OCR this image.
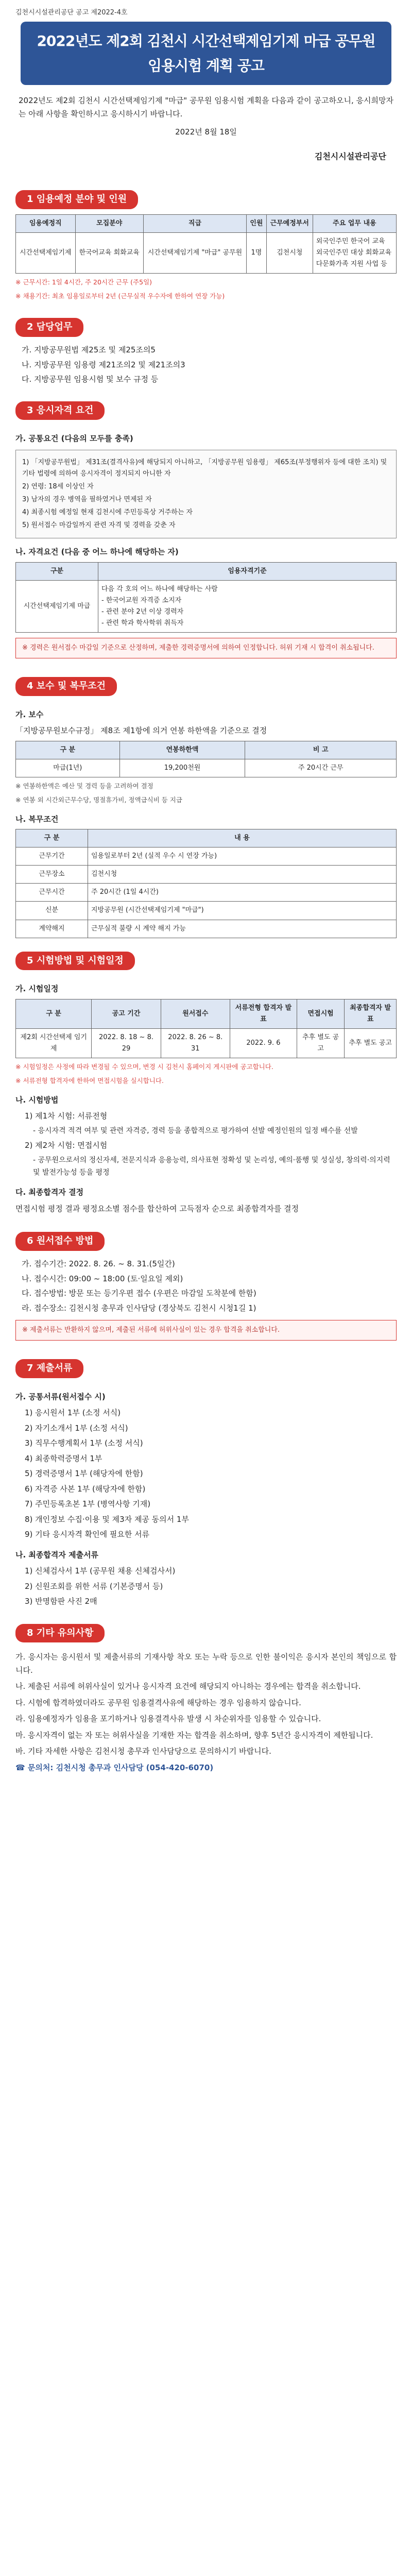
김천시시설관리공단 공고 제2022-4호
2022년도 제2회 김천시 시간선택제임기제 마급 공무원
임용시험 계획 공고

2022년도 제2회 김천시 시간선택제임기제 "마급" 공무원 임용시험 계획을 다음과 같이 공고하오니, 응시희망자는 아래 사항을 확인하시고 응시하시기 바랍니다.

2022년 8월 18일
김천시시설관리공단
1 임용예정 분야 및 인원
임용예정직	모집분야	직급	인원	근무예정부서	주요 업무 내용
시간선택제임기제	한국어교육 회화교육	시간선택제임기제 "마급" 공무원	1명	김천시청	외국인주민 한국어 교육
외국인주민 대상 회화교육
다문화가족 지원 사업 등
※ 근무시간: 1일 4시간, 주 20시간 근무 (주5일)
※ 채용기간: 최초 임용일로부터 2년 (근무실적 우수자에 한하여 연장 가능)
2 담당업무
가. 지방공무원법 제25조 및 제25조의5
나. 지방공무원 임용령 제21조의2 및 제21조의3
다. 지방공무원 임용시험 및 보수 규정 등
3 응시자격 요건
가. 공통요건 (다음의 모두를 충족)

1) 「지방공무원법」 제31조(결격사유)에 해당되지 아니하고, 「지방공무원 임용령」 제65조(부정행위자 등에 대한 조치) 및 기타 법령에 의하여 응시자격이 정지되지 아니한 자

2) 연령: 18세 이상인 자

3) 남자의 경우 병역을 필하였거나 면제된 자

4) 최종시험 예정일 현재 김천시에 주민등록상 거주하는 자

5) 원서접수 마감일까지 관련 자격 및 경력을 갖춘 자

나. 자격요건 (다음 중 어느 하나에 해당하는 자)
구분	임용자격기준
시간선택제임기제 마급	다음 각 호의 어느 하나에 해당하는 사람
- 한국어교원 자격증 소지자
- 관련 분야 2년 이상 경력자
- 관련 학과 학사학위 취득자
※ 경력은 원서접수 마감일 기준으로 산정하며, 제출한 경력증명서에 의하여 인정합니다. 허위 기재 시 합격이 취소됩니다.
4 보수 및 복무조건
가. 보수
「지방공무원보수규정」 제8조 제1항에 의거 연봉 하한액을 기준으로 결정
구 분	연봉하한액	비 고
마급(1년)	19,200천원	주 20시간 근무
※ 연봉하한액은 예산 및 경력 등을 고려하여 결정
※ 연봉 외 시간외근무수당, 명절휴가비, 정액급식비 등 지급
나. 복무조건
구 분	내 용
근무기간	임용일로부터 2년 (실적 우수 시 연장 가능)
근무장소	김천시청
근무시간	주 20시간 (1일 4시간)
신분	지방공무원 (시간선택제임기제 "마급")
계약해지	근무실적 불량 시 계약 해지 가능
5 시험방법 및 시험일정
가. 시험일정
구 분	공고 기간	원서접수	서류전형 합격자 발표	면접시험	최종합격자 발표
제2회 시간선택제 임기제	2022. 8. 18 ~ 8. 29	2022. 8. 26 ~ 8. 31	2022. 9. 6	추후 별도 공고	추후 별도 공고
※ 시험일정은 사정에 따라 변경될 수 있으며, 변경 시 김천시 홈페이지 게시판에 공고합니다.
※ 서류전형 합격자에 한하여 면접시험을 실시합니다.
나. 시험방법
1) 제1차 시험: 서류전형
- 응시자격 적격 여부 및 관련 자격증, 경력 등을 종합적으로 평가하여 선발 예정인원의 일정 배수를 선발
2) 제2차 시험: 면접시험
- 공무원으로서의 정신자세, 전문지식과 응용능력, 의사표현 정확성 및 논리성, 예의·품행 및 성실성, 창의력·의지력 및 발전가능성 등을 평정
다. 최종합격자 결정
면접시험 평정 결과 평정요소별 점수를 합산하여 고득점자 순으로 최종합격자를 결정
6 원서접수 방법
가. 접수기간: 2022. 8. 26. ~ 8. 31.(5일간)
나. 접수시간: 09:00 ~ 18:00 (토·일요일 제외)
다. 접수방법: 방문 또는 등기우편 접수 (우편은 마감일 도착분에 한함)
라. 접수장소: 김천시청 총무과 인사담당 (경상북도 김천시 시청1길 1)
※ 제출서류는 반환하지 않으며, 제출된 서류에 허위사실이 있는 경우 합격을 취소합니다.
7 제출서류
가. 공통서류(원서접수 시)
1) 응시원서 1부 (소정 서식)
2) 자기소개서 1부 (소정 서식)
3) 직무수행계획서 1부 (소정 서식)
4) 최종학력증명서 1부
5) 경력증명서 1부 (해당자에 한함)
6) 자격증 사본 1부 (해당자에 한함)
7) 주민등록초본 1부 (병역사항 기재)
8) 개인정보 수집·이용 및 제3자 제공 동의서 1부
9) 기타 응시자격 확인에 필요한 서류
나. 최종합격자 제출서류
1) 신체검사서 1부 (공무원 채용 신체검사서)
2) 신원조회를 위한 서류 (기본증명서 등)
3) 반명함판 사진 2매
8 기타 유의사항
가. 응시자는 응시원서 및 제출서류의 기재사항 착오 또는 누락 등으로 인한 불이익은 응시자 본인의 책임으로 합니다.
나. 제출된 서류에 허위사실이 있거나 응시자격 요건에 해당되지 아니하는 경우에는 합격을 취소합니다.
다. 시험에 합격하였더라도 공무원 임용결격사유에 해당하는 경우 임용하지 않습니다.
라. 임용예정자가 임용을 포기하거나 임용결격사유 발생 시 차순위자를 임용할 수 있습니다.
마. 응시자격이 없는 자 또는 허위사실을 기재한 자는 합격을 취소하며, 향후 5년간 응시자격이 제한됩니다.
바. 기타 자세한 사항은 김천시청 총무과 인사담당으로 문의하시기 바랍니다.
☎ 문의처: 김천시청 총무과 인사담당 (054-420-6070)
